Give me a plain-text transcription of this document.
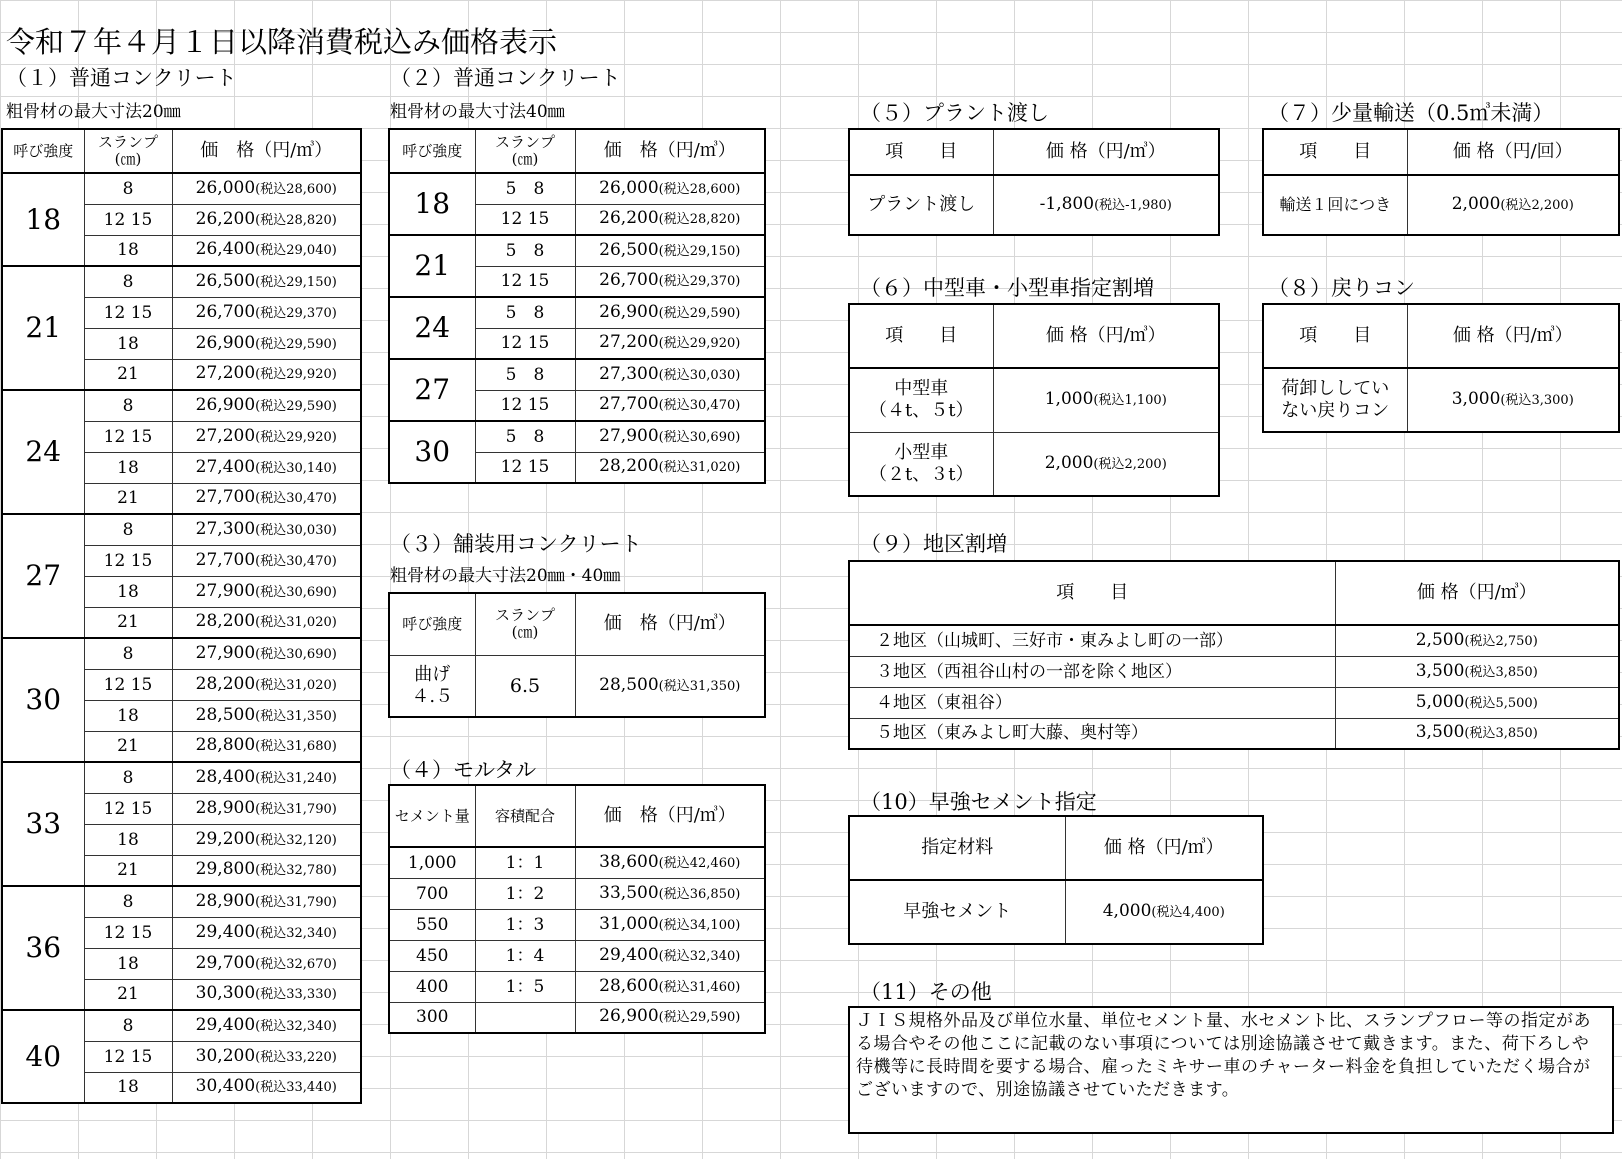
令和７年４月１日以降消費税込み価格表示
（１）普通コンクリート
粗骨材の最大寸法20㎜
（２）普通コンクリート
粗骨材の最大寸法40㎜
（３）舗装用コンクリート
粗骨材の最大寸法20㎜・40㎜
（４）モルタル
（５）プラント渡し	（７）少量輸送（0.5㎥未満）
（６）中型車・小型車指定割増	（８）戻りコン
（９）地区割増
（10）早強セメント指定
（11）その他
呼び強度	スランプ
(㎝)	価　格（円/㎥）
18	8	26,000(税込28,600)
	12 15	26,200(税込28,820)
	18	26,400(税込29,040)
21	8	26,500(税込29,150)
	12 15	26,700(税込29,370)
	18	26,900(税込29,590)
	21	27,200(税込29,920)
24	8	26,900(税込29,590)
	12 15	27,200(税込29,920)
	18	27,400(税込30,140)
	21	27,700(税込30,470)
27	8	27,300(税込30,030)
	12 15	27,700(税込30,470)
	18	27,900(税込30,690)
	21	28,200(税込31,020)
30	8	27,900(税込30,690)
	12 15	28,200(税込31,020)
	18	28,500(税込31,350)
	21	28,800(税込31,680)
33	8	28,400(税込31,240)
	12 15	28,900(税込31,790)
	18	29,200(税込32,120)
	21	29,800(税込32,780)
36	8	28,900(税込31,790)
	12 15	29,400(税込32,340)
	18	29,700(税込32,670)
	21	30,300(税込33,330)
40	8	29,400(税込32,340)
	12 15	30,200(税込33,220)
	18	30,400(税込33,440)
呼び強度	スランプ
(㎝)	価　格（円/㎥）
18	5　8	26,000(税込28,600)
	12 15	26,200(税込28,820)
21	5　8	26,500(税込29,150)
	12 15	26,700(税込29,370)
24	5　8	26,900(税込29,590)
	12 15	27,200(税込29,920)
27	5　8	27,300(税込30,030)
	12 15	27,700(税込30,470)
30	5　8	27,900(税込30,690)
	12 15	28,200(税込31,020)
呼び強度	スランプ
(㎝)	価　格（円/㎥）
曲げ
４.５	6.5	28,500(税込31,350)
セメント量	容積配合	価　格（円/㎥）
1,000	1：1	38,600(税込42,460)
700	1：2	33,500(税込36,850)
550	1：3	31,000(税込34,100)
450	1：4	29,400(税込32,340)
400	1：5	28,600(税込31,460)
300		26,900(税込29,590)
項　　目	価 格（円/㎥）
プラント渡し	-1,800(税込-1,980)
項　　目	価 格（円/回）
輸送１回につき	2,000(税込2,200)
項　　目	価 格（円/㎥）
中型車
（４t、５t）	1,000(税込1,100)
小型車
（２t、３t）	2,000(税込2,200)
項　　目	価 格（円/㎥）
荷卸ししてい
ない戻りコン	3,000(税込3,300)
項　　目	価 格（円/㎥）
２地区（山城町、三好市・東みよし町の一部）	2,500(税込2,750)
３地区（西祖谷山村の一部を除く地区）	3,500(税込3,850)
４地区（東祖谷）	5,000(税込5,500)
５地区（東みよし町大藤、奥村等）	3,500(税込3,850)
指定材料	価 格（円/㎥）
早強セメント	4,000(税込4,400)
ＪＩＳ規格外品及び単位水量、単位セメント量、水セメント比、スランプフロー等の指定がある場合やその他ここに記載のない事項については別途協議させて戴きます。また、荷下ろしや待機等に長時間を要する場合、雇ったミキサー車のチャーター料金を負担していただく場合がございますので、別途協議させていただきます。
